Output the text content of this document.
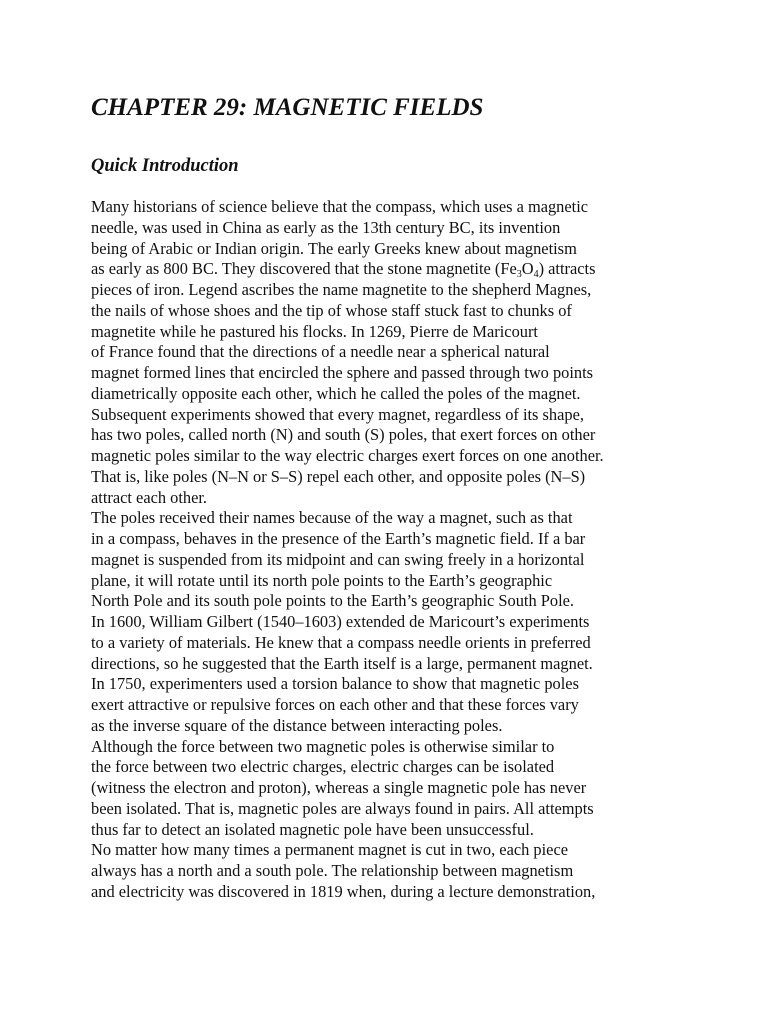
CHAPTER 29: MAGNETIC FIELDS
Quick Introduction
Many historians of science believe that the compass, which uses a magnetic
needle, was used in China as early as the 13th century BC, its invention
being of Arabic or Indian origin. The early Greeks knew about magnetism
as early as 800 BC. They discovered that the stone magnetite $(Fe_3O_4)$ attracts
pieces of iron. Legend ascribes the name magnetite to the shepherd Magnes,
the nails of whose shoes and the tip of whose staff stuck fast to chunks of
magnetite while he pastured his flocks. In 1269, Pierre de Maricourt
of France found that the directions of a needle near a spherical natural
magnet formed lines that encircled the sphere and passed through two points
diametrically opposite each other, which he called the poles of the magnet.
Subsequent experiments showed that every magnet, regardless of its shape,
has two poles, called north (N) and south (S) poles, that exert forces on other
magnetic poles similar to the way electric charges exert forces on one another.
That is, like poles (N–N or S–S) repel each other, and opposite poles (N–S)
attract each other.
The poles received their names because of the way a magnet, such as that
in a compass, behaves in the presence of the Earth’s magnetic field. If a bar
magnet is suspended from its midpoint and can swing freely in a horizontal
plane, it will rotate until its north pole points to the Earth’s geographic
North Pole and its south pole points to the Earth’s geographic South Pole.
In 1600, William Gilbert (1540–1603) extended de Maricourt’s experiments
to a variety of materials. He knew that a compass needle orients in preferred
directions, so he suggested that the Earth itself is a large, permanent magnet.
In 1750, experimenters used a torsion balance to show that magnetic poles
exert attractive or repulsive forces on each other and that these forces vary
as the inverse square of the distance between interacting poles.
Although the force between two magnetic poles is otherwise similar to
the force between two electric charges, electric charges can be isolated
(witness the electron and proton), whereas a single magnetic pole has never
been isolated. That is, magnetic poles are always found in pairs. All attempts
thus far to detect an isolated magnetic pole have been unsuccessful.
No matter how many times a permanent magnet is cut in two, each piece
always has a north and a south pole. The relationship between magnetism
and electricity was discovered in 1819 when, during a lecture demonstration,
